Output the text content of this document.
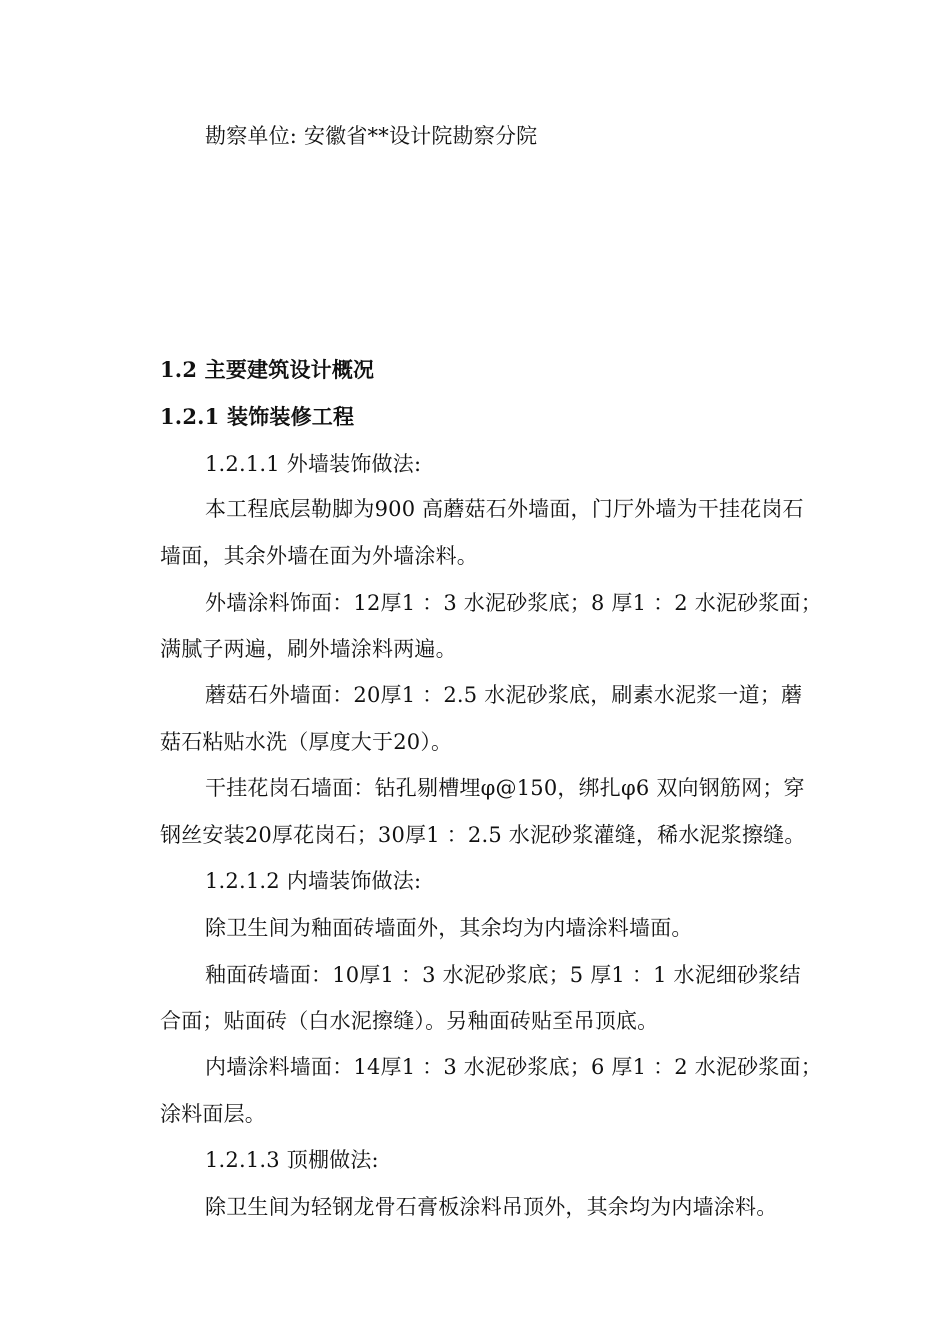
勘察单位: 安徽省**设计院勘察分院
1.2 主要建筑设计概况
1.2.1 装饰装修工程
1.2.1.1 外墙装饰做法:
本工程底层勒脚为900 高蘑菇石外墙面，门厅外墙为干挂花岗石
墙面，其余外墙在面为外墙涂料。
外墙涂料饰面：12厚1 ：3 水泥砂浆底；8 厚1 ：2 水泥砂浆面；
满腻子两遍，刷外墙涂料两遍。
蘑菇石外墙面：20厚1 ：2.5 水泥砂浆底，刷素水泥浆一道；蘑
菇石粘贴水洗（厚度大于20）。
干挂花岗石墙面：钻孔剔槽埋φ@150，绑扎φ6 双向钢筋网；穿
钢丝安装20厚花岗石；30厚1 ：2.5 水泥砂浆灌缝，稀水泥浆擦缝。
1.2.1.2 内墙装饰做法:
除卫生间为釉面砖墙面外，其余均为内墙涂料墙面。
釉面砖墙面：10厚1 ：3 水泥砂浆底；5 厚1 ：1 水泥细砂浆结
合面；贴面砖（白水泥擦缝）。另釉面砖贴至吊顶底。
内墙涂料墙面：14厚1 ：3 水泥砂浆底；6 厚1 ：2 水泥砂浆面；
涂料面层。
1.2.1.3 顶棚做法:
除卫生间为轻钢龙骨石膏板涂料吊顶外，其余均为内墙涂料。
